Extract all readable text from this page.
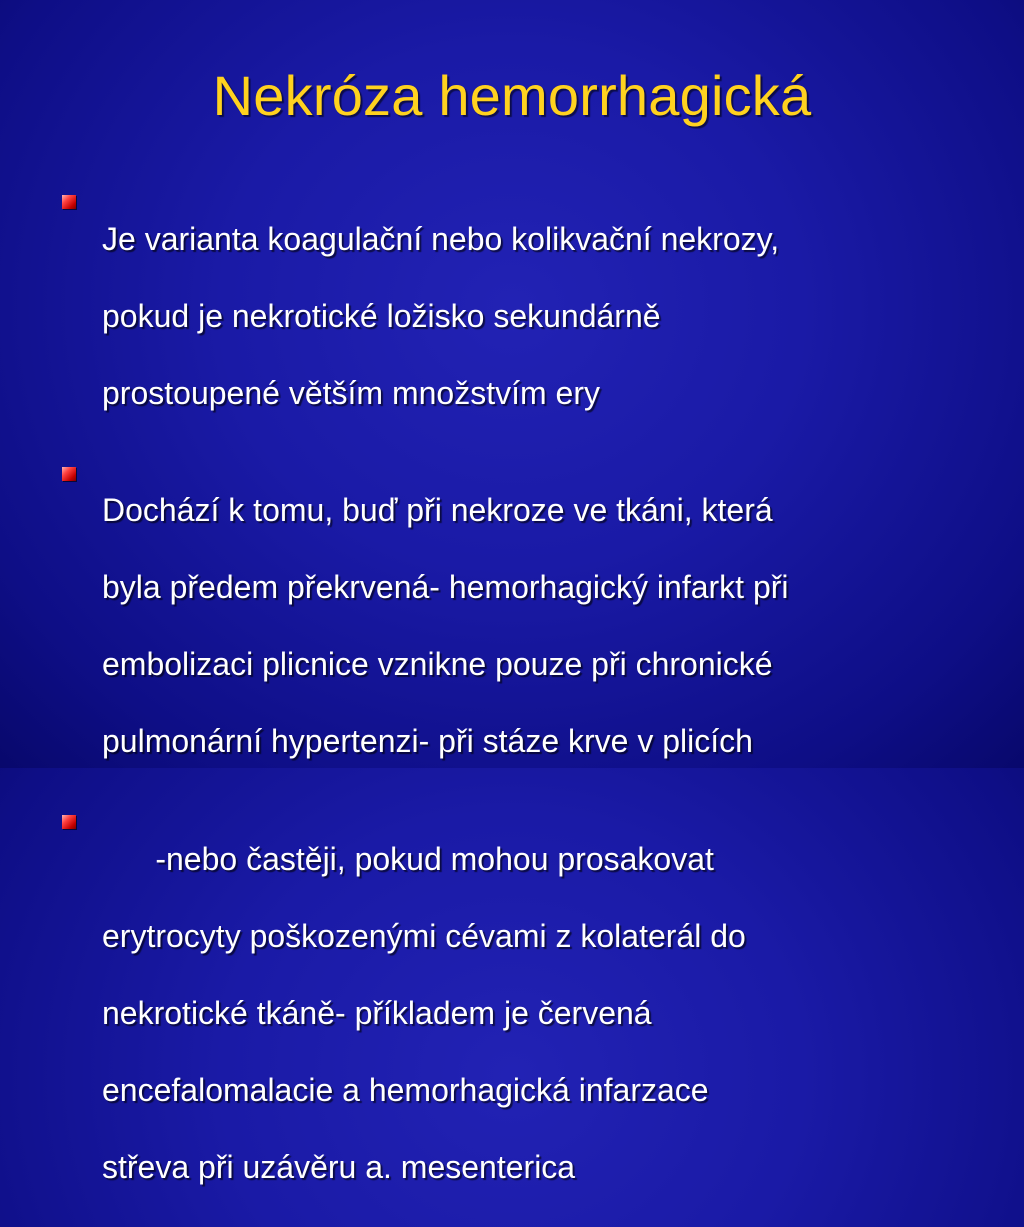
Nekróza hemorrhagická

Je varianta koagulační nebo kolikvační nekrozy,

pokud je nekrotické ložisko sekundárně

prostoupené větším množstvím ery

Dochází k tomu, buď při nekroze ve tkáni, která

byla předem překrvená- hemorhagický infarkt při

embolizaci plicnice vznikne pouze při chronické

pulmonární hypertenzi- při stáze krve v plicích

-nebo častěji, pokud mohou prosakovat

erytrocyty poškozenými cévami z kolaterál do

nekrotické tkáně- příkladem je červená

encefalomalacie a hemorhagická infarzace

střeva při uzávěru a. mesenterica
